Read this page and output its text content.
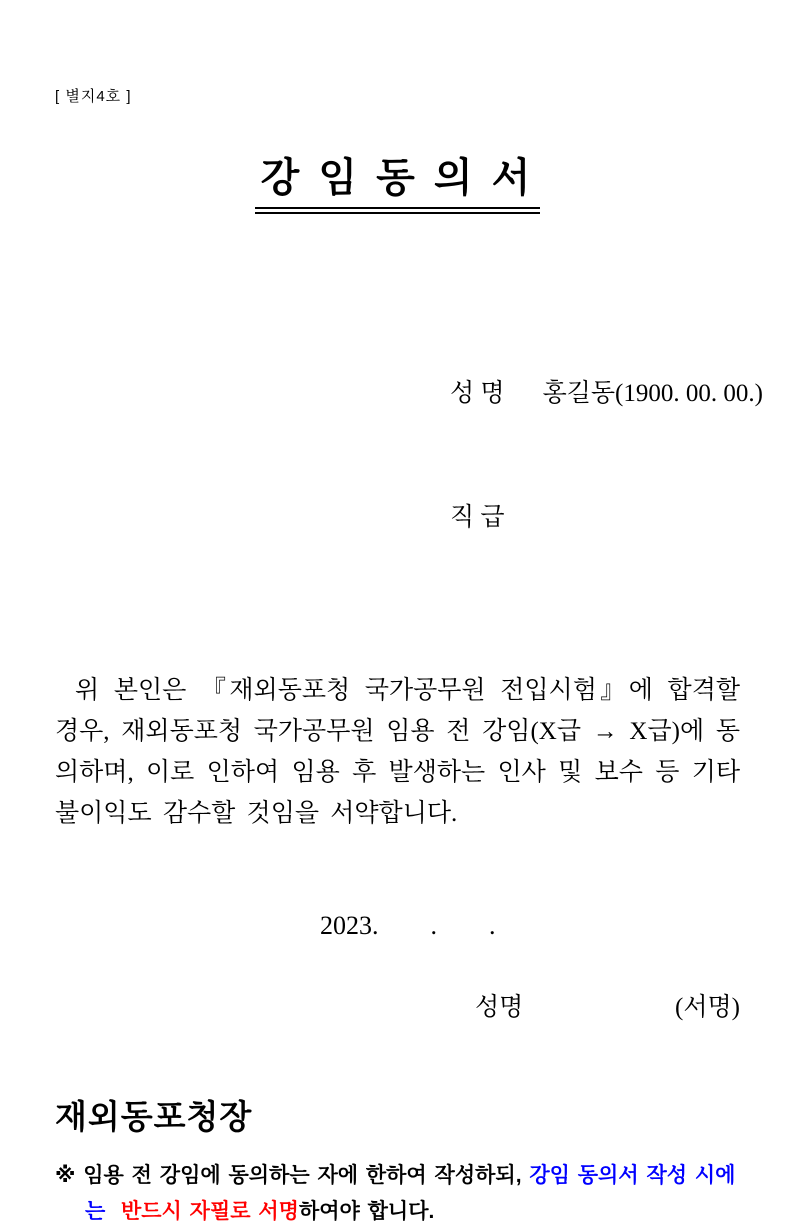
[ 별지4호 ]
강 임 동 의 서

성 명 홍길동(1900. 00. 00.)

직 급

위 본인은 『재외동포청 국가공무원 전입시험』에 합격할 경우, 재외동포청 국가공무원 임용 전 강임(X급 → X급)에 동의하며, 이로 인하여 임용 후 발생하는 인사 및 보수 등 기타 불이익도 감수할 것임을 서약합니다.

2023.        .        .
성명	(서명)
재외동포청장
※ 임용 전 강임에 동의하는 자에 한하여 작성하되, 강임 동의서 작성 시에는  반드시 자필로 서명하여야 합니다.
